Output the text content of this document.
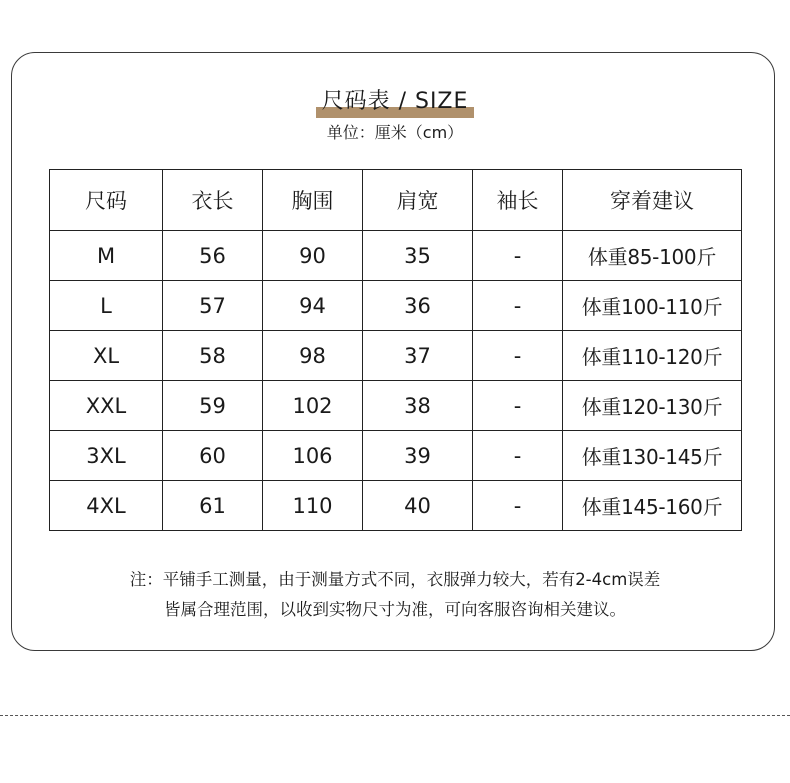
尺码表 / SIZE
单位：厘米（cm）
尺码	衣长	胸围	肩宽	袖长	穿着建议
M	56	90	35	-	体重85-100斤
L	57	94	36	-	体重100-110斤
XL	58	98	37	-	体重110-120斤
XXL	59	102	38	-	体重120-130斤
3XL	60	106	39	-	体重130-145斤
4XL	61	110	40	-	体重145-160斤
注：平铺手工测量，由于测量方式不同，衣服弹力较大，若有2-4cm误差
皆属合理范围，以收到实物尺寸为准，可向客服咨询相关建议。
